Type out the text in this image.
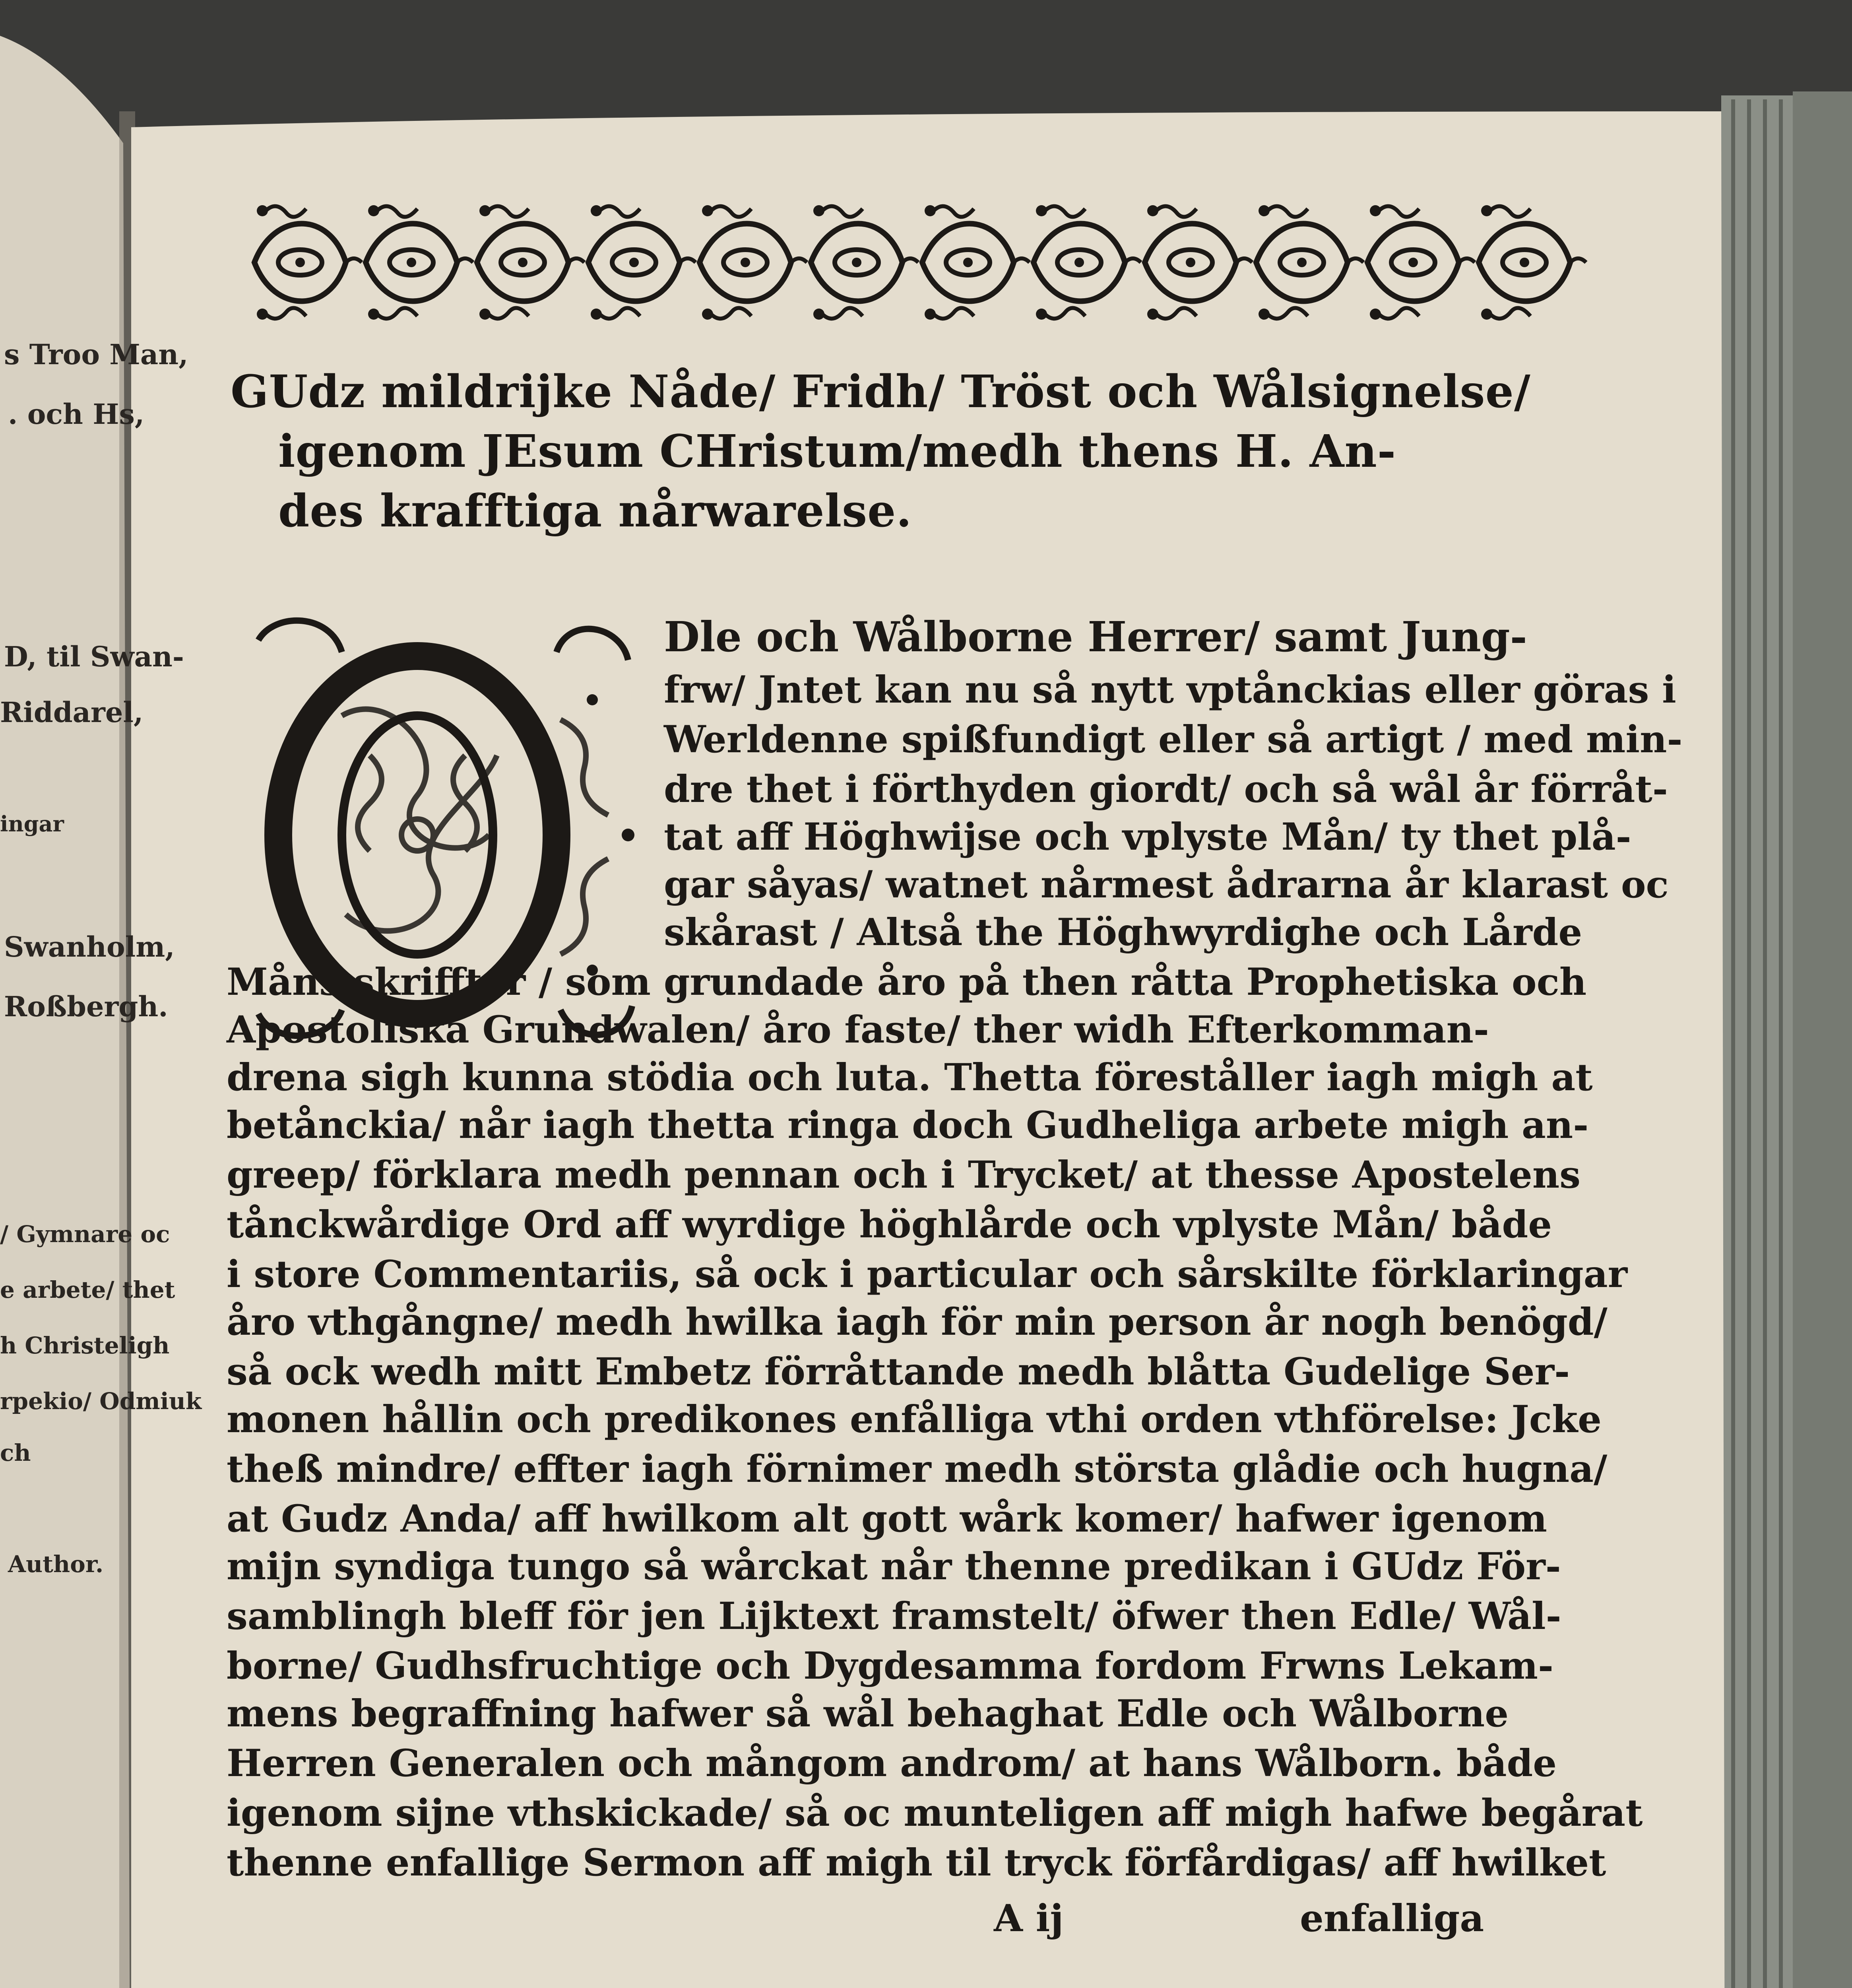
s Troo Man,
. och Hs,
D, til Swan-
Riddarel,
ingar
Swanholm,
Roßbergh.
/ Gymnare oc
e arbete/ thet
h Christeligh
rpekio/ Odmiuk
ch
Author.
GUdz mildrijke Nåde/ Fridh/ Tröst och Wålsignelse/
igenom JEsum CHristum/medh thens H. An-
des krafftiga nårwarelse.
Dle och Wålborne Herrer/ samt Jung-
frw/ Jntet kan nu så nytt vptånckias eller göras i
Werldenne spißfundigt eller så artigt / med min-
dre thet i förthyden giordt/ och så wål år förråt-
tat aff Höghwijse och vplyste Mån/ ty thet plå-
gar såyas/ watnet nårmest ådrarna år klarast oc
skårast / Altså the Höghwyrdighe och Lårde
Måns skriffter / som grundade åro på then råtta Prophetiska och
Apostoliska Grundwalen/ åro faste/ ther widh Efterkomman-
drena sigh kunna stödia och luta. Thetta föreståller iagh migh at
betånckia/ når iagh thetta ringa doch Gudheliga arbete migh an-
greep/ förklara medh pennan och i Trycket/ at thesse Apostelens
tånckwårdige Ord aff wyrdige höghlårde och vplyste Mån/ både
i store Commentariis, så ock i particular och sårskilte förklaringar
åro vthgångne/ medh hwilka iagh för min person år nogh benögd/
så ock wedh mitt Embetz förråttande medh blåtta Gudelige Ser-
monen hållin och predikones enfålliga vthi orden vthförelse: Jcke
theß mindre/ effter iagh förnimer medh största glådie och hugna/
at Gudz Anda/ aff hwilkom alt gott wårk komer/ hafwer igenom
mijn syndiga tungo så wårckat når thenne predikan i GUdz För-
samblingh bleff för jen Lijktext framstelt/ öfwer then Edle/ Wål-
borne/ Gudhsfruchtige och Dygdesamma fordom Frwns Lekam-
mens begraffning hafwer så wål behaghat Edle och Wålborne
Herren Generalen och mångom androm/ at hans Wålborn. både
igenom sijne vthskickade/ så oc munteligen aff migh hafwe begårat
thenne enfallige Sermon aff migh til tryck förfårdigas/ aff hwilket
A ij	enfalliga
